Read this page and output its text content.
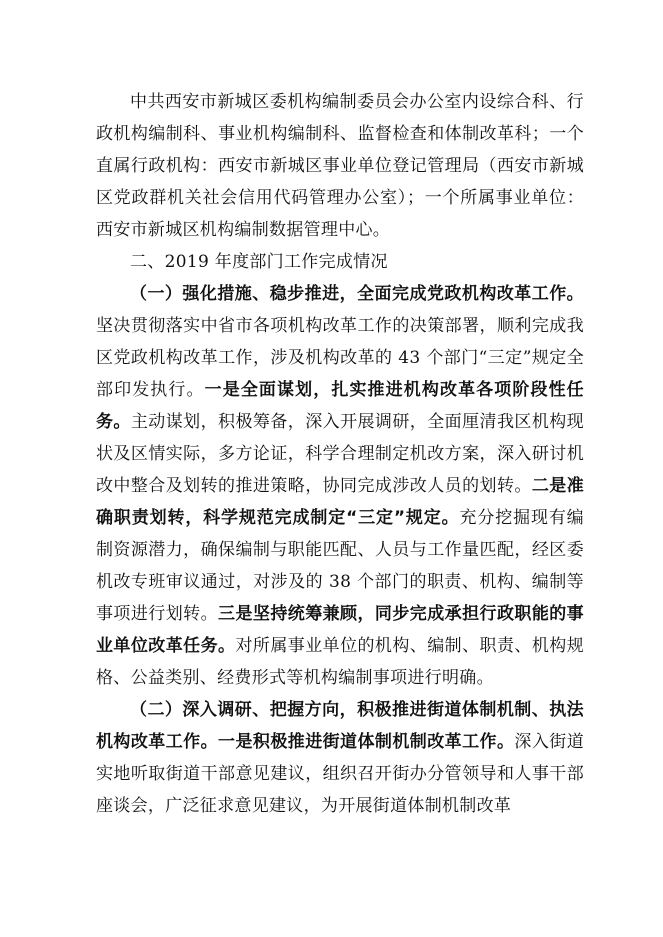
中共西安市新城区委机构编制委员会办公室内设综合科、行政机构编制科、事业机构编制科、监督检查和体制改革科；一个直属行政机构：西安市新城区事业单位登记管理局（西安市新城区党政群机关社会信用代码管理办公室）；一个所属事业单位：西安市新城区机构编制数据管理中心。

二、2019 年度部门工作完成情况

（一）强化措施、稳步推进，全面完成党政机构改革工作。坚决贯彻落实中省市各项机构改革工作的决策部署，顺利完成我区党政机构改革工作，涉及机构改革的 43 个部门“三定”规定全部印发执行。一是全面谋划，扎实推进机构改革各项阶段性任务。主动谋划，积极筹备，深入开展调研，全面厘清我区机构现状及区情实际，多方论证，科学合理制定机改方案，深入研讨机改中整合及划转的推进策略，协同完成涉改人员的划转。二是准确职责划转，科学规范完成制定“三定”规定。充分挖掘现有编制资源潜力，确保编制与职能匹配、人员与工作量匹配，经区委机改专班审议通过，对涉及的 38 个部门的职责、机构、编制等事项进行划转。三是坚持统筹兼顾，同步完成承担行政职能的事业单位改革任务。对所属事业单位的机构、编制、职责、机构规格、公益类别、经费形式等机构编制事项进行明确。

（二）深入调研、把握方向，积极推进街道体制机制、执法机构改革工作。一是积极推进街道体制机制改革工作。深入街道实地听取街道干部意见建议，组织召开街办分管领导和人事干部座谈会，广泛征求意见建议，为开展街道体制机制改革
